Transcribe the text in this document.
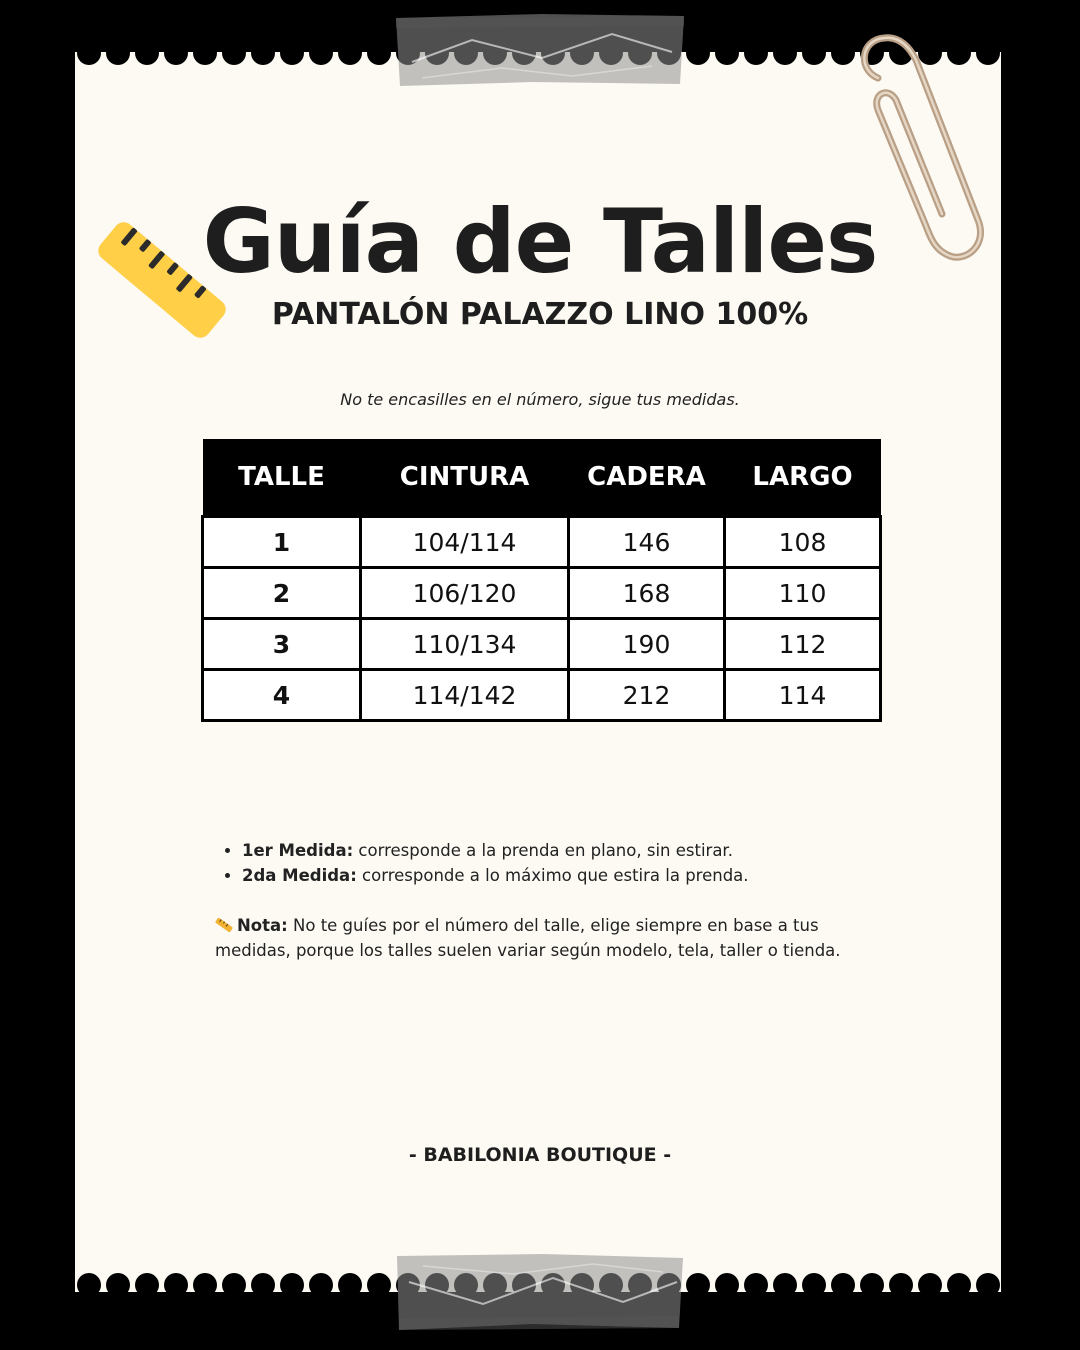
Guía de Talles
PANTALÓN PALAZZO LINO 100%
No te encasilles en el número, sigue tus medidas.
TALLE	CINTURA	CADERA	LARGO
1	104/114	146	108
2	106/120	168	110
3	110/134	190	112
4	114/142	212	114
• 1er Medida: corresponde a la prenda en plano, sin estirar.
• 2da Medida: corresponde a lo máximo que estira la prenda.
Nota: No te guíes por el número del talle, elige siempre en base a tus medidas, porque los talles suelen variar según modelo, tela, taller o tienda.
- BABILONIA BOUTIQUE -
